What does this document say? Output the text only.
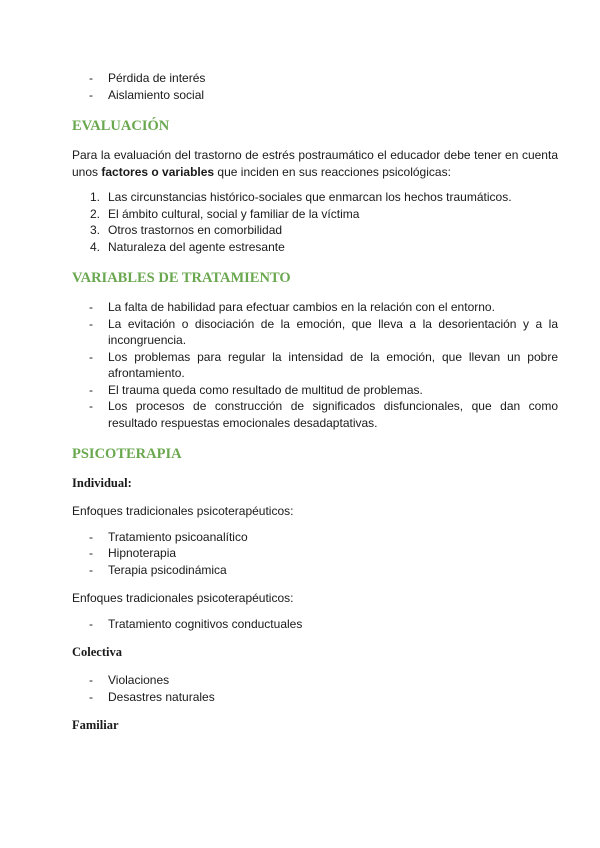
- Pérdida de interés
- Aislamiento social
EVALUACIÓN

Para la evaluación del trastorno de estrés postraumático el educador debe tener en cuenta unos factores o variables que inciden en sus reacciones psicológicas:

1. Las circunstancias histórico-sociales que enmarcan los hechos traumáticos.
2. El ámbito cultural, social y familiar de la víctima
3. Otros trastornos en comorbilidad
4. Naturaleza del agente estresante
VARIABLES DE TRATAMIENTO
- La falta de habilidad para efectuar cambios en la relación con el entorno.
- La evitación o disociación de la emoción, que lleva a la desorientación y a la incongruencia.
- Los problemas para regular la intensidad de la emoción, que llevan un pobre afrontamiento.
- El trauma queda como resultado de multitud de problemas.
- Los procesos de construcción de significados disfuncionales, que dan como resultado respuestas emocionales desadaptativas.
PSICOTERAPIA
Individual:

Enfoques tradicionales psicoterapéuticos:

- Tratamiento psicoanalítico
- Hipnoterapia
- Terapia psicodinámica

Enfoques tradicionales psicoterapéuticos:

- Tratamiento cognitivos conductuales
Colectiva
- Violaciones
- Desastres naturales
Familiar
